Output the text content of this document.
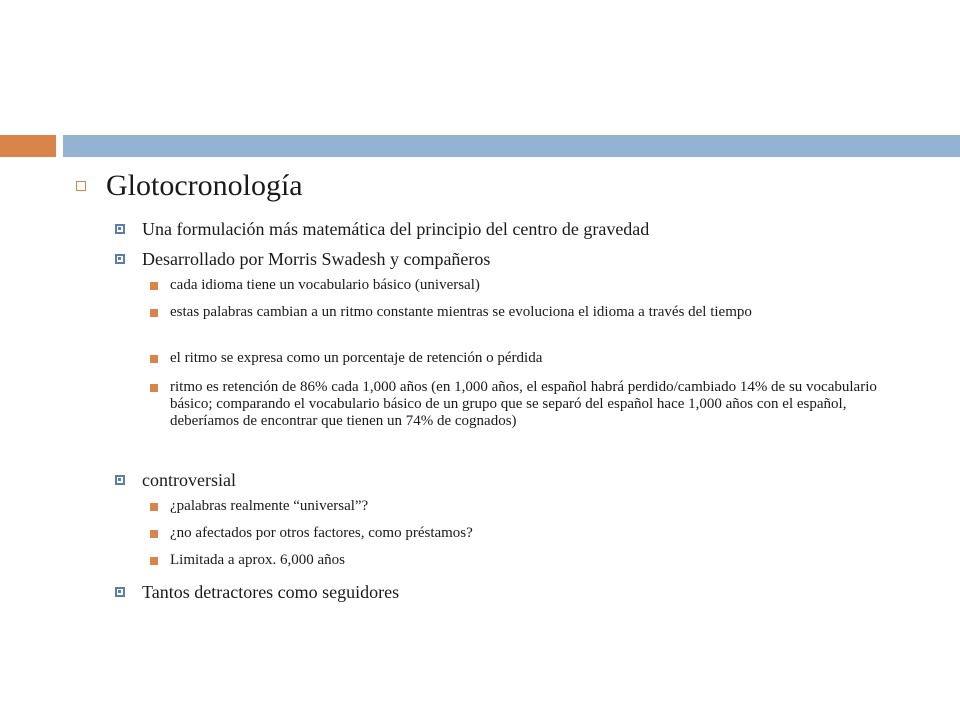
Glotocronología
Una formulación más matemática del principio del centro de gravedad
Desarrollado por Morris Swadesh y compañeros
cada idioma tiene un vocabulario básico (universal)
estas palabras cambian a un ritmo constante mientras se evoluciona el idioma a través del tiempo
el ritmo se expresa como un porcentaje de retención o pérdida
ritmo es retención de 86% cada 1,000 años (en 1,000 años, el español habrá perdido/cambiado 14% de su vocabulario básico; comparando el vocabulario básico de un grupo que se separó del español hace 1,000 años con el español, deberíamos de encontrar que tienen un 74% de cognados)
controversial
¿palabras realmente “universal”?
¿no afectados por otros factores, como préstamos?
Limitada a aprox. 6,000 años
Tantos detractores como seguidores
